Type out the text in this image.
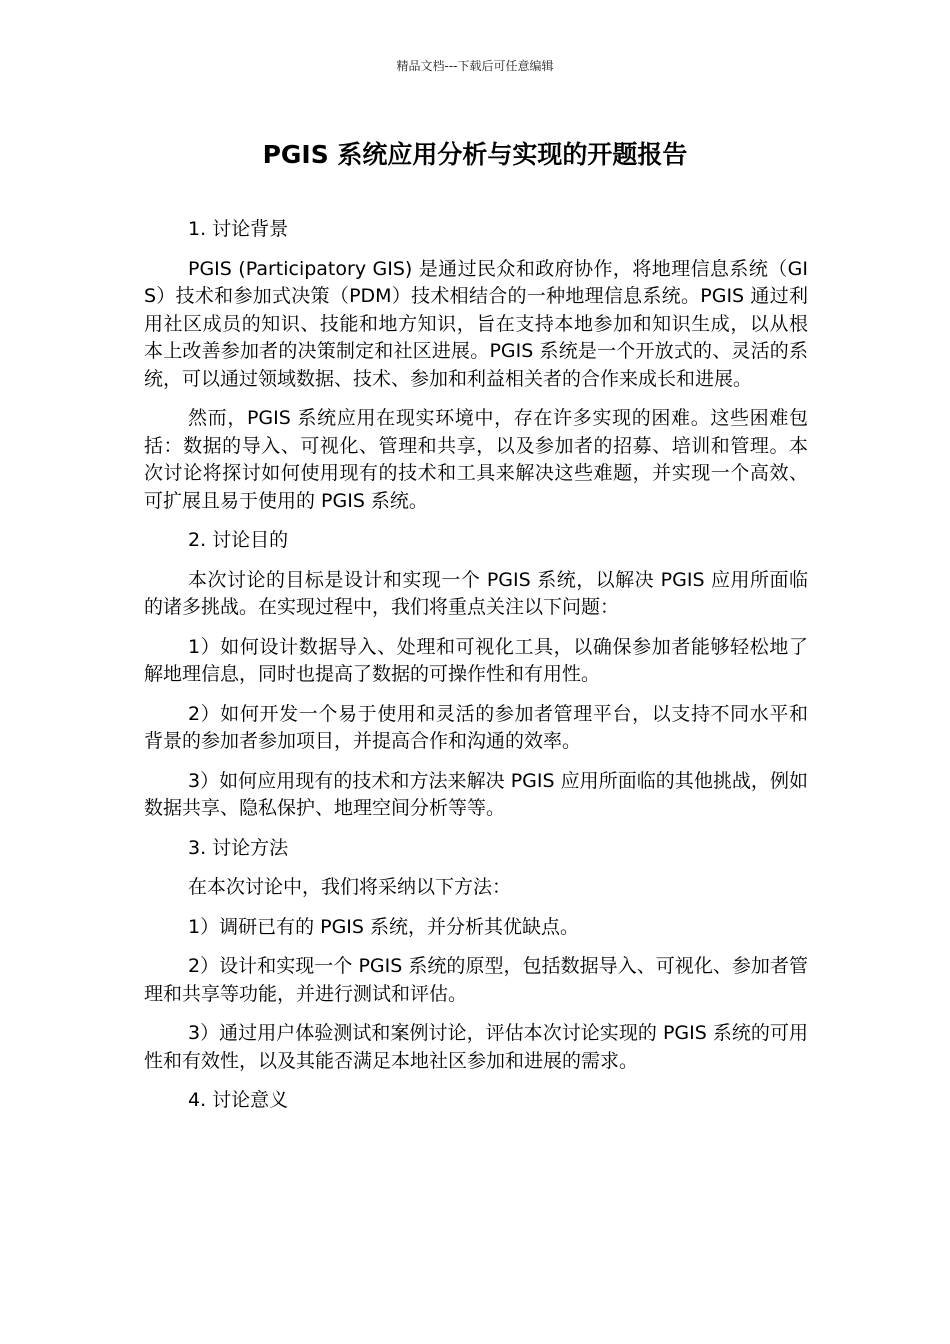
精品文档---下载后可任意编辑
PGIS 系统应用分析与实现的开题报告
1. 讨论背景

PGIS (Participatory GIS) 是通过民众和政府协作，将地理信息系统（GIS）技术和参加式决策（PDM）技术相结合的一种地理信息系统。PGIS 通过利用社区成员的知识、技能和地方知识，旨在支持本地参加和知识生成，以从根本上改善参加者的决策制定和社区进展。PGIS 系统是一个开放式的、灵活的系统，可以通过领域数据、技术、参加和利益相关者的合作来成长和进展。

然而，PGIS 系统应用在现实环境中，存在许多实现的困难。这些困难包括：数据的导入、可视化、管理和共享，以及参加者的招募、培训和管理。本次讨论将探讨如何使用现有的技术和工具来解决这些难题，并实现一个高效、可扩展且易于使用的 PGIS 系统。

2. 讨论目的

本次讨论的目标是设计和实现一个 PGIS 系统，以解决 PGIS 应用所面临的诸多挑战。在实现过程中，我们将重点关注以下问题：

1）如何设计数据导入、处理和可视化工具，以确保参加者能够轻松地了解地理信息，同时也提高了数据的可操作性和有用性。

2）如何开发一个易于使用和灵活的参加者管理平台，以支持不同水平和背景的参加者参加项目，并提高合作和沟通的效率。

3）如何应用现有的技术和方法来解决 PGIS 应用所面临的其他挑战，例如数据共享、隐私保护、地理空间分析等等。

3. 讨论方法

在本次讨论中，我们将采纳以下方法：

1）调研已有的 PGIS 系统，并分析其优缺点。

2）设计和实现一个 PGIS 系统的原型，包括数据导入、可视化、参加者管理和共享等功能，并进行测试和评估。

3）通过用户体验测试和案例讨论，评估本次讨论实现的 PGIS 系统的可用性和有效性，以及其能否满足本地社区参加和进展的需求。

4. 讨论意义
